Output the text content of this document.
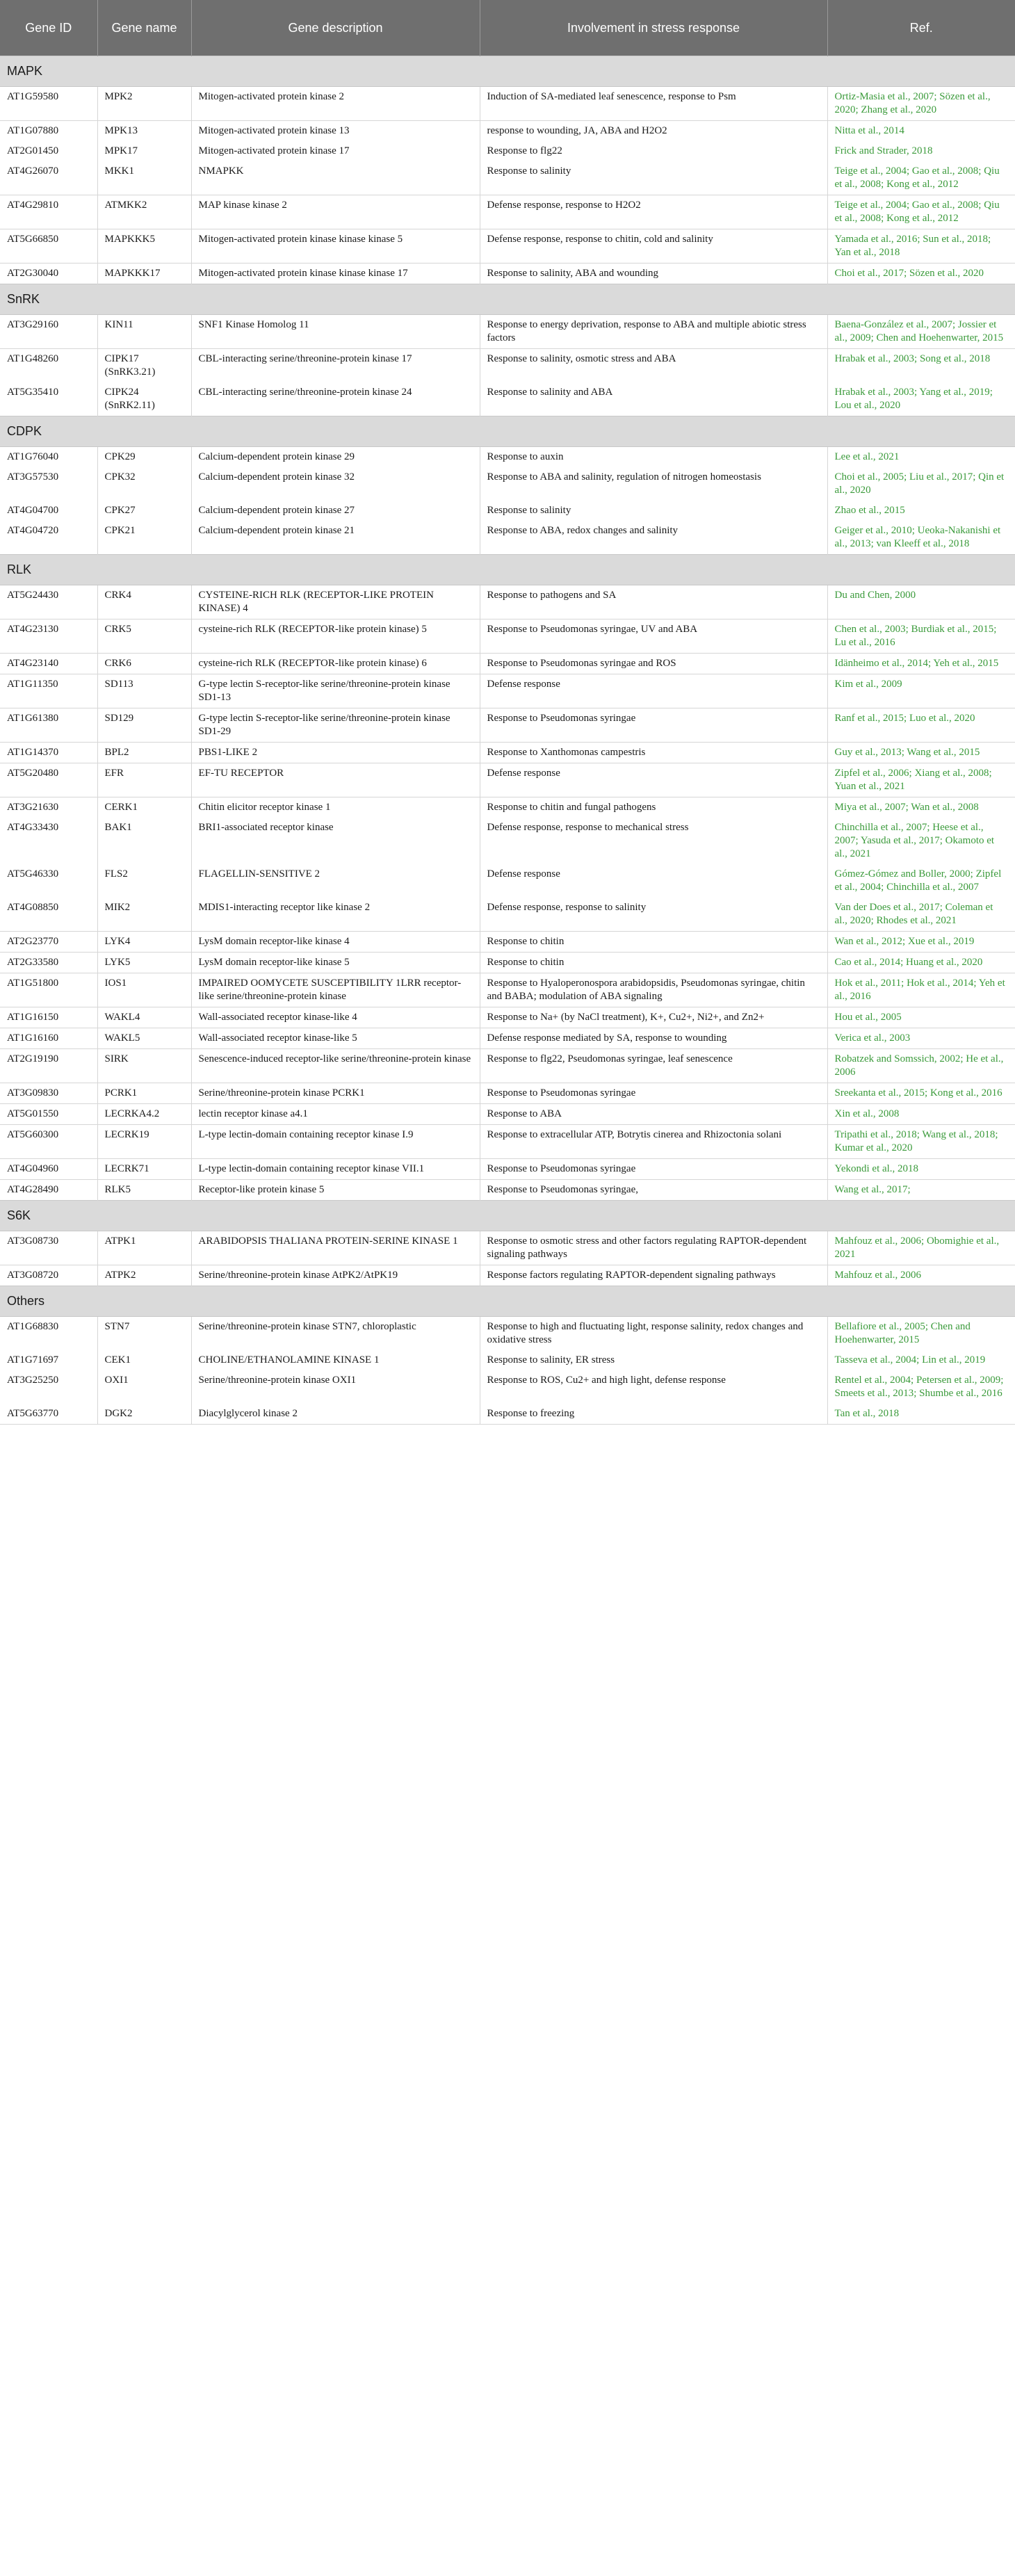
Gene ID	Gene name	Gene description	Involvement in stress response	Ref.
MAPK				
AT1G59580	MPK2	Mitogen-activated protein kinase 2	Induction of SA-mediated leaf senescence, response to Psm	Ortiz-Masia et al., 2007; Sözen et al., 2020; Zhang et al., 2020
AT1G07880	MPK13	Mitogen-activated protein kinase 13	response to wounding, JA, ABA and H2O2	Nitta et al., 2014
AT2G01450	MPK17	Mitogen-activated protein kinase 17	Response to flg22	Frick and Strader, 2018
AT4G26070	MKK1	NMAPKK	Response to salinity	Teige et al., 2004; Gao et al., 2008; Qiu et al., 2008; Kong et al., 2012
AT4G29810	ATMKK2	MAP kinase kinase 2	Defense response, response to H2O2	Teige et al., 2004; Gao et al., 2008; Qiu et al., 2008; Kong et al., 2012
AT5G66850	MAPKKK5	Mitogen-activated protein kinase kinase kinase 5	Defense response, response to chitin, cold and salinity	Yamada et al., 2016; Sun et al., 2018; Yan et al., 2018
AT2G30040	MAPKKK17	Mitogen-activated protein kinase kinase kinase 17	Response to salinity, ABA and wounding	Choi et al., 2017; Sözen et al., 2020
SnRK				
AT3G29160	KIN11	SNF1 Kinase Homolog 11	Response to energy deprivation, response to ABA and multiple abiotic stress factors	Baena-González et al., 2007; Jossier et al., 2009; Chen and Hoehenwarter, 2015
AT1G48260	CIPK17 (SnRK3.21)	CBL-interacting serine/threonine-protein kinase 17	Response to salinity, osmotic stress and ABA	Hrabak et al., 2003; Song et al., 2018
AT5G35410	CIPK24 (SnRK2.11)	CBL-interacting serine/threonine-protein kinase 24	Response to salinity and ABA	Hrabak et al., 2003; Yang et al., 2019; Lou et al., 2020
CDPK				
AT1G76040	CPK29	Calcium-dependent protein kinase 29	Response to auxin	Lee et al., 2021
AT3G57530	CPK32	Calcium-dependent protein kinase 32	Response to ABA and salinity, regulation of nitrogen homeostasis	Choi et al., 2005; Liu et al., 2017; Qin et al., 2020
AT4G04700	CPK27	Calcium-dependent protein kinase 27	Response to salinity	Zhao et al., 2015
AT4G04720	CPK21	Calcium-dependent protein kinase 21	Response to ABA, redox changes and salinity	Geiger et al., 2010; Ueoka-Nakanishi et al., 2013; van Kleeff et al., 2018
RLK				
AT5G24430	CRK4	CYSTEINE-RICH RLK (RECEPTOR-LIKE PROTEIN KINASE) 4	Response to pathogens and SA	Du and Chen, 2000
AT4G23130	CRK5	cysteine-rich RLK (RECEPTOR-like protein kinase) 5	Response to Pseudomonas syringae, UV and ABA	Chen et al., 2003; Burdiak et al., 2015; Lu et al., 2016
AT4G23140	CRK6	cysteine-rich RLK (RECEPTOR-like protein kinase) 6	Response to Pseudomonas syringae and ROS	Idänheimo et al., 2014; Yeh et al., 2015
AT1G11350	SD113	G-type lectin S-receptor-like serine/threonine-protein kinase SD1-13	Defense response	Kim et al., 2009
AT1G61380	SD129	G-type lectin S-receptor-like serine/threonine-protein kinase SD1-29	Response to Pseudomonas syringae	Ranf et al., 2015; Luo et al., 2020
AT1G14370	BPL2	PBS1-LIKE 2	Response to Xanthomonas campestris	Guy et al., 2013; Wang et al., 2015
AT5G20480	EFR	EF-TU RECEPTOR	Defense response	Zipfel et al., 2006; Xiang et al., 2008; Yuan et al., 2021
AT3G21630	CERK1	Chitin elicitor receptor kinase 1	Response to chitin and fungal pathogens	Miya et al., 2007; Wan et al., 2008
AT4G33430	BAK1	BRI1-associated receptor kinase	Defense response, response to mechanical stress	Chinchilla et al., 2007; Heese et al., 2007; Yasuda et al., 2017; Okamoto et al., 2021
AT5G46330	FLS2	FLAGELLIN-SENSITIVE 2	Defense response	Gómez-Gómez and Boller, 2000; Zipfel et al., 2004; Chinchilla et al., 2007
AT4G08850	MIK2	MDIS1-interacting receptor like kinase 2	Defense response, response to salinity	Van der Does et al., 2017; Coleman et al., 2020; Rhodes et al., 2021
AT2G23770	LYK4	LysM domain receptor-like kinase 4	Response to chitin	Wan et al., 2012; Xue et al., 2019
AT2G33580	LYK5	LysM domain receptor-like kinase 5	Response to chitin	Cao et al., 2014; Huang et al., 2020
AT1G51800	IOS1	IMPAIRED OOMYCETE SUSCEPTIBILITY 1LRR receptor-like serine/threonine-protein kinase	Response to Hyaloperonospora arabidopsidis, Pseudomonas syringae, chitin and BABA; modulation of ABA signaling	Hok et al., 2011; Hok et al., 2014; Yeh et al., 2016
AT1G16150	WAKL4	Wall-associated receptor kinase-like 4	Response to Na+ (by NaCl treatment), K+, Cu2+, Ni2+, and Zn2+	Hou et al., 2005
AT1G16160	WAKL5	Wall-associated receptor kinase-like 5	Defense response mediated by SA, response to wounding	Verica et al., 2003
AT2G19190	SIRK	Senescence-induced receptor-like serine/threonine-protein kinase	Response to flg22, Pseudomonas syringae, leaf senescence	Robatzek and Somssich, 2002; He et al., 2006
AT3G09830	PCRK1	Serine/threonine-protein kinase PCRK1	Response to Pseudomonas syringae	Sreekanta et al., 2015; Kong et al., 2016
AT5G01550	LECRKA4.2	lectin receptor kinase a4.1	Response to ABA	Xin et al., 2008
AT5G60300	LECRK19	L-type lectin-domain containing receptor kinase I.9	Response to extracellular ATP, Botrytis cinerea and Rhizoctonia solani	Tripathi et al., 2018; Wang et al., 2018; Kumar et al., 2020
AT4G04960	LECRK71	L-type lectin-domain containing receptor kinase VII.1	Response to Pseudomonas syringae	Yekondi et al., 2018
AT4G28490	RLK5	Receptor-like protein kinase 5	Response to Pseudomonas syringae,	Wang et al., 2017;
S6K				
AT3G08730	ATPK1	ARABIDOPSIS THALIANA PROTEIN-SERINE KINASE 1	Response to osmotic stress and other factors regulating RAPTOR-dependent signaling pathways	Mahfouz et al., 2006; Obomighie et al., 2021
AT3G08720	ATPK2	Serine/threonine-protein kinase AtPK2/AtPK19	Response factors regulating RAPTOR-dependent signaling pathways	Mahfouz et al., 2006
Others				
AT1G68830	STN7	Serine/threonine-protein kinase STN7, chloroplastic	Response to high and fluctuating light, response salinity, redox changes and oxidative stress	Bellafiore et al., 2005; Chen and Hoehenwarter, 2015
AT1G71697	CEK1	CHOLINE/ETHANOLAMINE KINASE 1	Response to salinity, ER stress	Tasseva et al., 2004; Lin et al., 2019
AT3G25250	OXI1	Serine/threonine-protein kinase OXI1	Response to ROS, Cu2+ and high light, defense response	Rentel et al., 2004; Petersen et al., 2009; Smeets et al., 2013; Shumbe et al., 2016
AT5G63770	DGK2	Diacylglycerol kinase 2	Response to freezing	Tan et al., 2018
